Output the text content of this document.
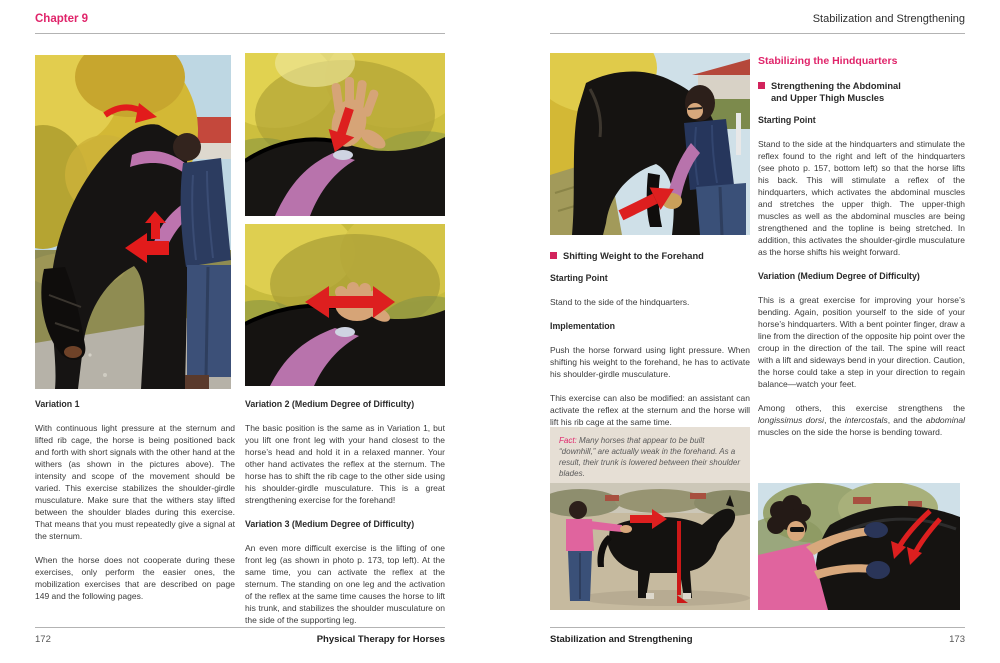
Chapter 9

Variation 1

With continuous light pressure at the sternum and lifted rib cage, the horse is being positioned back and forth with short signals with the other hand at the withers (as shown in the pictures above). The intensity and scope of the movement should be varied. This exercise stabilizes the shoulder-girdle musculature. Make sure that the withers stay lifted between the shoulder blades during this exercise. That means that you must repeatedly give a signal at the sternum.

When the horse does not cooperate during these exercises, only perform the easier ones, the mobilization exercises that are described on page 149 and the following pages.

Variation 2 (Medium Degree of Difficulty)

The basic position is the same as in Variation 1, but you lift one front leg with your hand closest to the horse’s head and hold it in a relaxed manner. Your other hand activates the reflex at the sternum. The horse has to shift the rib cage to the other side using his shoulder-girdle musculature. This is a great strengthening exercise for the forehand!

Variation 3 (Medium Degree of Difficulty)

An even more difficult exercise is the lifting of one front leg (as shown in photo p. 173, top left). At the same time, you can activate the reflex at the sternum. The standing on one leg and the activation of the reflex at the same time causes the horse to lift his trunk, and stabilizes the shoulder musculature on the side of the supporting leg.

172	Physical Therapy for Horses
Stabilization and Strengthening
Shifting Weight to the Forehand

Starting Point

Stand to the side of the hindquarters.

Implementation

Push the horse forward using light pressure. When shifting his weight to the forehand, he has to activate his shoulder-girdle musculature.

This exercise can also be modified: an assistant can activate the reflex at the sternum and the horse will lift his rib cage at the same time.

Fact: Many horses that appear to be built “downhill,” are actually weak in the forehand. As a result, their trunk is lowered between their shoulder blades.

Stabilizing the Hindquarters

Strengthening the Abdominal
and Upper Thigh Muscles

Starting Point

Stand to the side at the hindquarters and stimulate the reflex found to the right and left of the hindquarters (see photo p. 157, bottom left) so that the horse lifts his back. This will stimulate a reflex of the hindquarters, which activates the abdominal muscles and stretches the upper thigh. The upper-thigh muscles as well as the abdominal muscles are being strengthened and the topline is being stretched. In addition, this activates the shoulder-girdle musculature as the horse shifts his weight forward.

Variation (Medium Degree of Difficulty)

This is a great exercise for improving your horse’s bending. Again, position yourself to the side of your horse’s hindquarters. With a bent pointer finger, draw a line from the direction of the opposite hip point over the croup in the direction of the tail. The spine will react with a lift and sideways bend in your direction. Caution, the horse could take a step in your direction to regain balance—watch your feet.

Among others, this exercise strengthens the longissimus dorsi, the intercostals, and the abdominal muscles on the side the horse is bending toward.

Stabilization and Strengthening	173
